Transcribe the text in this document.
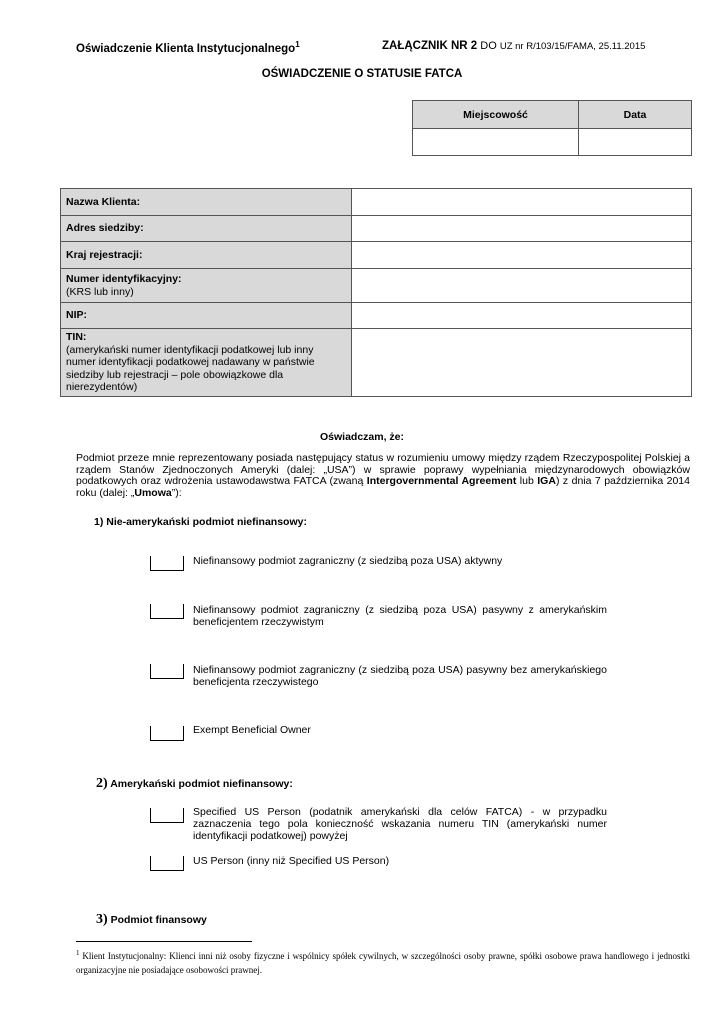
Oświadczenie Klienta Instytucjonalnego$^1$	ZAŁĄCZNIK NR 2 DO UZ nr R/103/15/FAMA, 25.11.2015
OŚWIADCZENIE O STATUSIE FATCA
Miejscowość	Data

Nazwa Klienta:	
Adres siedziby:	
Kraj rejestracji:	
Numer identyfikacyjny:
(KRS lub inny)	
NIP:	
TIN:
(amerykański numer identyfikacji podatkowej lub inny numer identyfikacji podatkowej nadawany w państwie siedziby lub rejestracji – pole obowiązkowe dla nierezydentów)	
Oświadczam, że:
Podmiot przeze mnie reprezentowany posiada następujący status w rozumieniu umowy między rządem Rzeczypospolitej Polskiej a rządem Stanów Zjednoczonych Ameryki (dalej: „USA”) w sprawie poprawy wypełniania międzynarodowych obowiązków podatkowych oraz wdrożenia ustawodawstwa FATCA (zwaną Intergovernmental Agreement lub IGA) z dnia 7 października 2014 roku (dalej: „Umowa”):
1) Nie-amerykański podmiot niefinansowy:
Niefinansowy podmiot zagraniczny (z siedzibą poza USA) aktywny
Niefinansowy podmiot zagraniczny (z siedzibą poza USA) pasywny z amerykańskim beneficjentem rzeczywistym
Niefinansowy podmiot zagraniczny (z siedzibą poza USA) pasywny bez amerykańskiego beneficjenta rzeczywistego
Exempt Beneficial Owner
2) Amerykański podmiot niefinansowy:
Specified US Person (podatnik amerykański dla celów FATCA) - w przypadku zaznaczenia tego pola konieczność wskazania numeru TIN (amerykański numer identyfikacji podatkowej) powyżej
US Person (inny niż Specified US Person)
3) Podmiot finansowy
$^1$ Klient Instytucjonalny: Klienci inni niż osoby fizyczne i wspólnicy spółek cywilnych, w szczególności osoby prawne, spółki osobowe prawa handlowego i jednostki organizacyjne nie posiadające osobowości prawnej.
